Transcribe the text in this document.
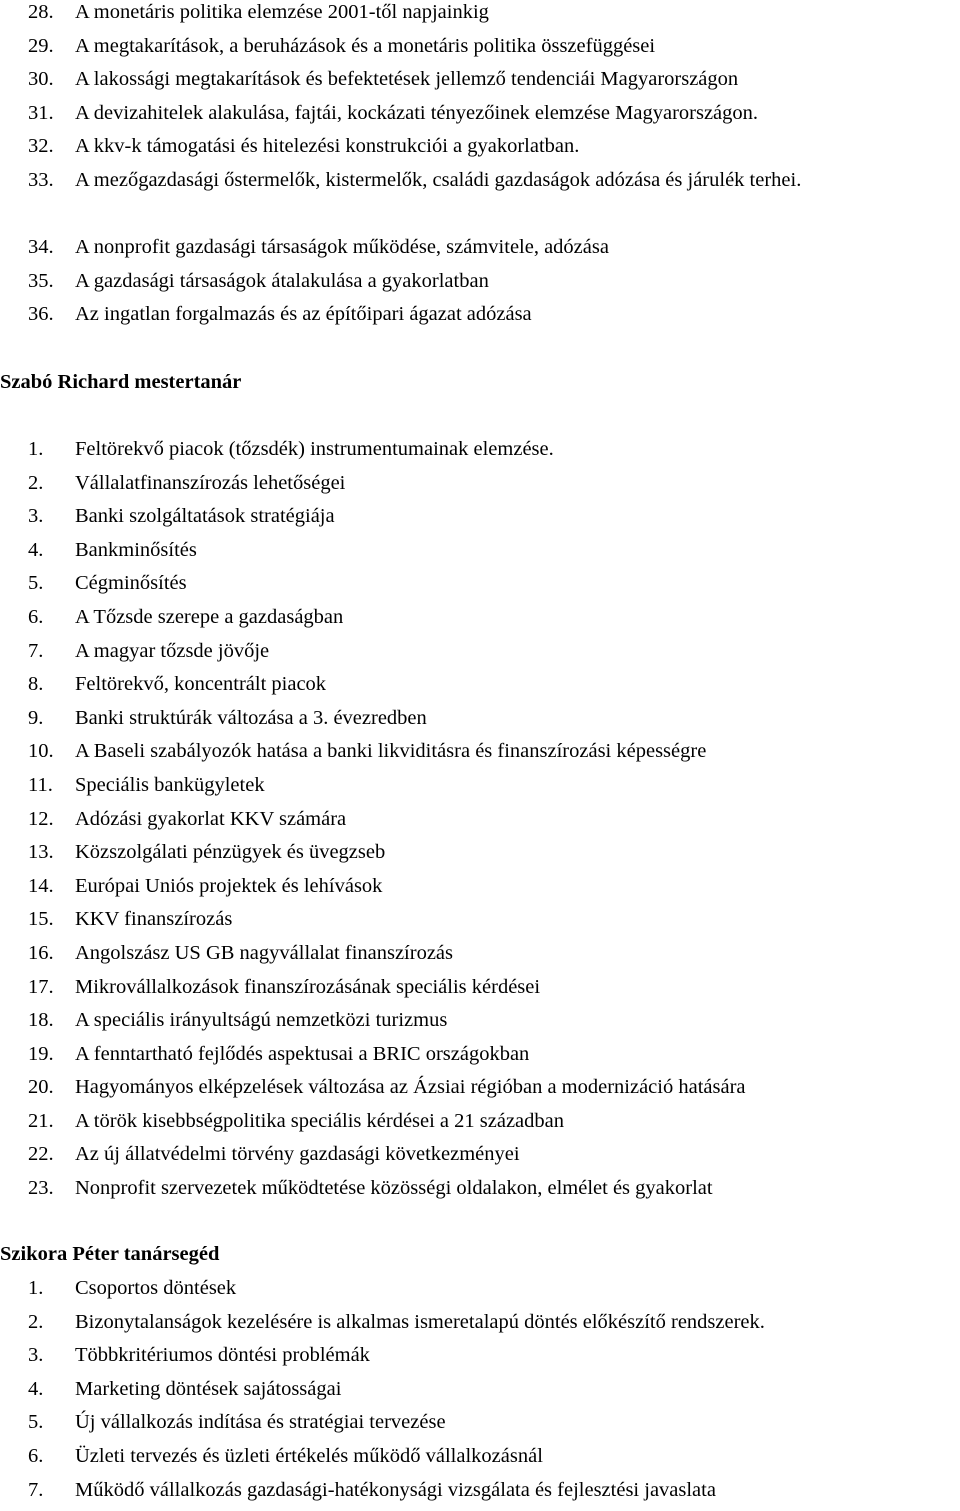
28.	A monetáris politika elemzése 2001-től napjainkig
29.	A megtakarítások, a beruházások és a monetáris politika összefüggései
30.	A lakossági megtakarítások és befektetések jellemző tendenciái Magyarországon
31.	A devizahitelek alakulása, fajtái, kockázati tényezőinek elemzése Magyarországon.
32.	A kkv-k támogatási és hitelezési konstrukciói a gyakorlatban.
33.	A mezőgazdasági őstermelők, kistermelők, családi gazdaságok adózása és járulék terhei.
34.	A nonprofit gazdasági társaságok működése, számvitele, adózása
35.	A gazdasági társaságok átalakulása a gyakorlatban
36.	Az ingatlan forgalmazás és az építőipari ágazat adózása
Szabó Richard mestertanár
1.	Feltörekvő piacok (tőzsdék) instrumentumainak elemzése.
2.	Vállalatfinanszírozás lehetőségei
3.	Banki szolgáltatások stratégiája
4.	Bankminősítés
5.	Cégminősítés
6.	A Tőzsde szerepe a gazdaságban
7.	A magyar tőzsde jövője
8.	Feltörekvő, koncentrált piacok
9.	Banki struktúrák változása a 3. évezredben
10.	A Baseli szabályozók hatása a banki likviditásra és finanszírozási képességre
11.	Speciális bankügyletek
12.	Adózási gyakorlat KKV számára
13.	Közszolgálati pénzügyek és üvegzseb
14.	Európai Uniós projektek és lehívások
15.	KKV finanszírozás
16.	Angolszász US GB nagyvállalat finanszírozás
17.	Mikrovállalkozások finanszírozásának speciális kérdései
18.	A speciális irányultságú nemzetközi turizmus
19.	A fenntartható fejlődés aspektusai a BRIC országokban
20.	Hagyományos elképzelések változása az Ázsiai régióban a modernizáció hatására
21.	A török kisebbségpolitika speciális kérdései a 21 században
22.	Az új állatvédelmi törvény gazdasági következményei
23.	Nonprofit szervezetek működtetése közösségi oldalakon, elmélet és gyakorlat
Szikora Péter tanársegéd
1.	Csoportos döntések
2.	Bizonytalanságok kezelésére is alkalmas ismeretalapú döntés előkészítő rendszerek.
3.	Többkritériumos döntési problémák
4.	Marketing döntések sajátosságai
5.	Új vállalkozás indítása és stratégiai tervezése
6.	Üzleti tervezés és üzleti értékelés működő vállalkozásnál
7.	Működő vállalkozás gazdasági-hatékonysági vizsgálata és fejlesztési javaslata
